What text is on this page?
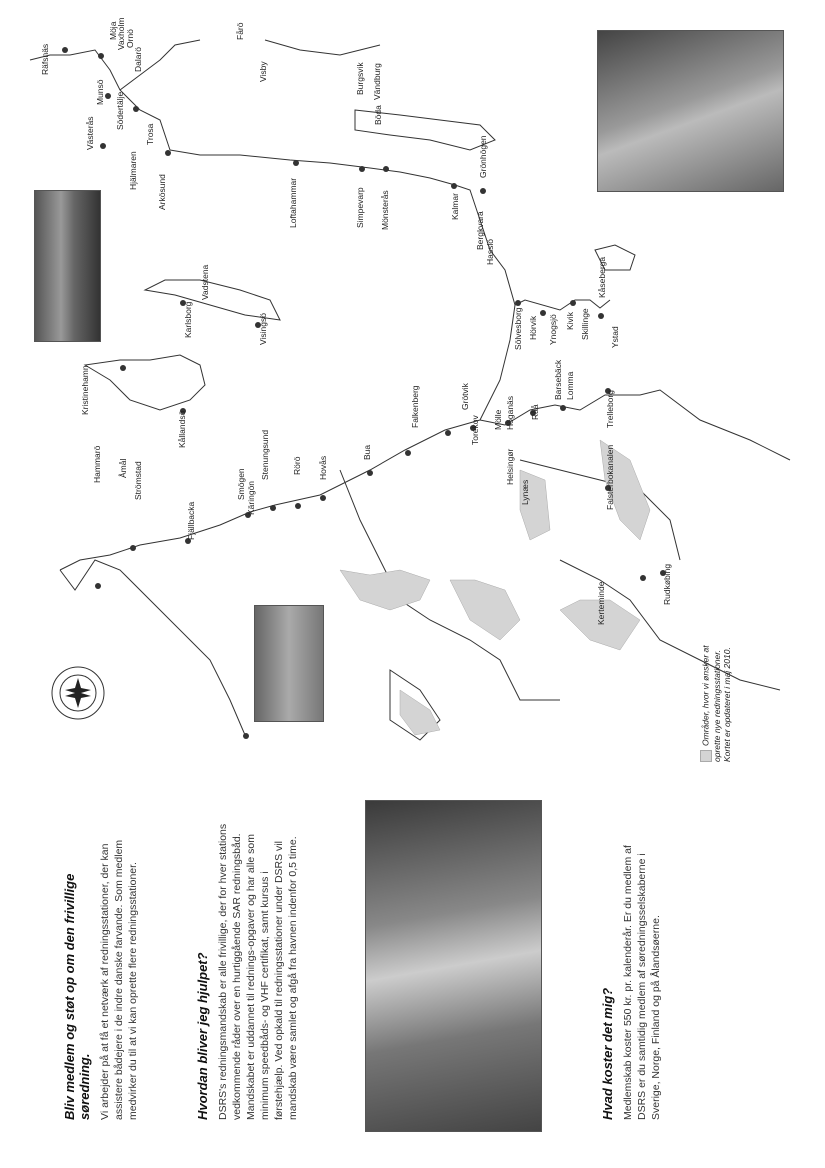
Räfsnäs
Möja
Vaxholm Ornö
Dalarö
Munsö Södertälje
Västerås	Trosa
Hjälmaren
Arkösund
Visby
Fårö
Burgsvik Vändburg
Böda
Grönhögen
Loftahammar	Simpevarp Mönsterås	Kalmar
Bergkvara
Hasslö
Kristinehamn
Hammarö Åmål
Kållandsö
Karlsborg
Vadstena
Visingsö
Strömstad
Fjällbacka
Smögen Käringön
Stenungsund	Rörö Hovås
Bua
Falkenberg	Grötvik
Torekov Mölle Höganäs Råå
Barsebäck Lomma
Helsingør
Lynæs
Sölvesborg Hörvik Ynogsjö Kivik Skillinge
Kåseberga
Ystad
Trelleborg
Falsterbokanalen
Rudkøbing
Kerteminde
Områder, hvor vi ønsker at oprette nye redningsstationer.
Kortet er opdateret i maj 2010.
Bliv medlem og støt op om den frivillige søredning. Vi arbejder på at få et netværk af redningsstationer, der kan assistere bådejere i de indre danske farvande. Som medlem medvirker du til at vi kan oprette flere redningsstationer.	Hvordan bliver jeg hjulpet? DSRS's redningsmandskab er alle frivillige, der for hver stations vedkommende råder over en hurtiggående SAR redningsbåd. Mandskabet er uddannet til rednings-opgaver og har alle som minimum speedbåds- og VHF certifikat, samt kursus i førstehjælp. Ved opkald til redningsstationer under DSRS vil mandskab være samlet og afgå fra havnen indenfor 0,5 time.	Hvad koster det mig? Medlemskab koster 550 kr. pr. kalenderår. Er du medlem af DSRS er du samtidig medlem af søredningsselskaberne i Sverige, Norge, Finland og på Ålandsøerne.
